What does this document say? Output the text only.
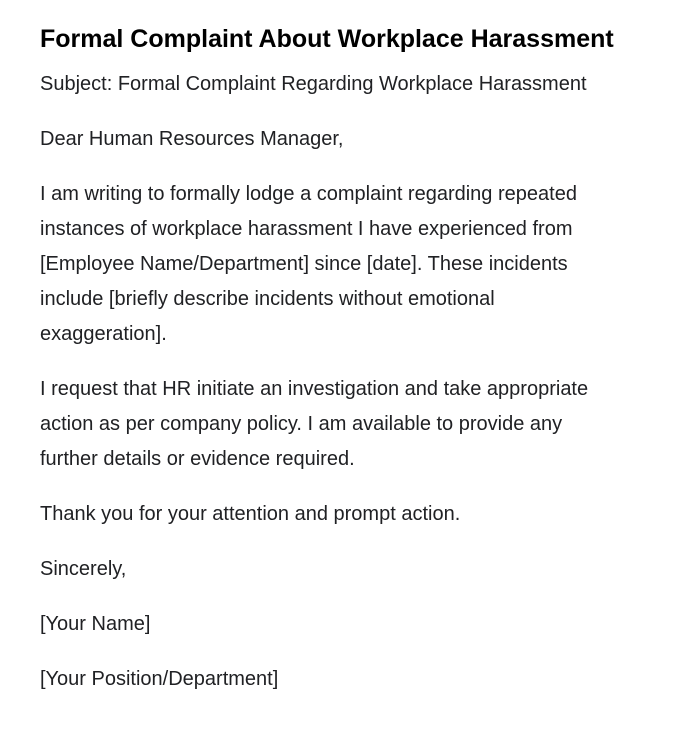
Formal Complaint About Workplace Harassment

Subject: Formal Complaint Regarding Workplace Harassment

Dear Human Resources Manager,

I am writing to formally lodge a complaint regarding repeated instances of workplace harassment I have experienced from [Employee Name/Department] since [date]. These incidents include [briefly describe incidents without emotional exaggeration].

I request that HR initiate an investigation and take appropriate action as per company policy. I am available to provide any further details or evidence required.

Thank you for your attention and prompt action.

Sincerely,

[Your Name]

[Your Position/Department]
